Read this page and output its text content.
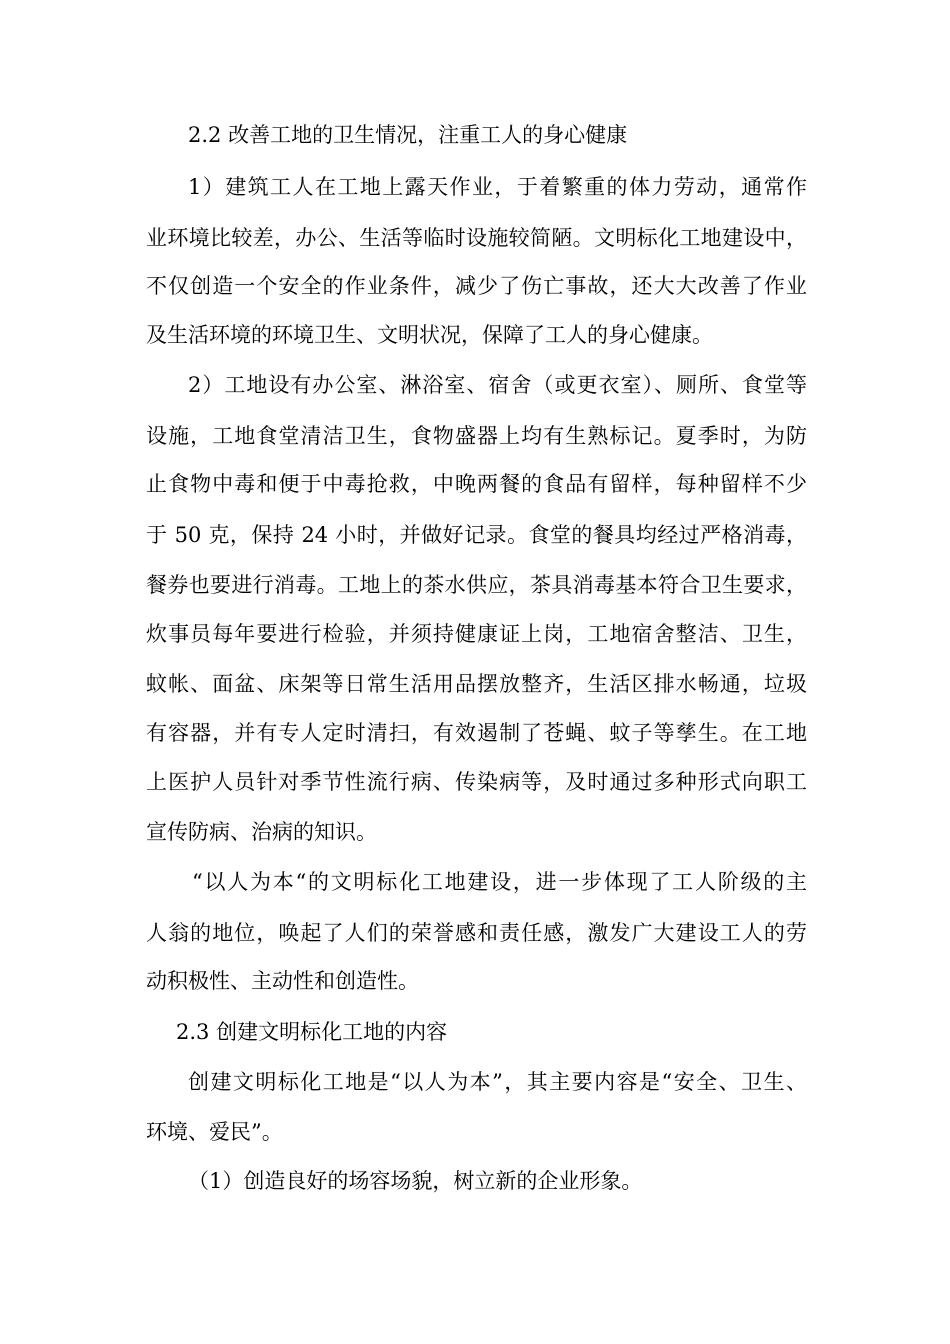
2.2 改善工地的卫生情况，注重工人的身心健康

1）建筑工人在工地上露天作业，于着繁重的体力劳动，通常作

业环境比较差，办公、生活等临时设施较简陋。文明标化工地建设中，

不仅创造一个安全的作业条件，减少了伤亡事故，还大大改善了作业

及生活环境的环境卫生、文明状况，保障了工人的身心健康。

2）工地设有办公室、淋浴室、宿舍（或更衣室）、厕所、食堂等

设施，工地食堂清洁卫生，食物盛器上均有生熟标记。夏季时，为防

止食物中毒和便于中毒抢救，中晚两餐的食品有留样，每种留样不少

于 50 克，保持 24 小时，并做好记录。食堂的餐具均经过严格消毒，

餐券也要进行消毒。工地上的茶水供应，茶具消毒基本符合卫生要求，

炊事员每年要进行检验，并须持健康证上岗，工地宿舍整洁、卫生，

蚊帐、面盆、床架等日常生活用品摆放整齐，生活区排水畅通，垃圾

有容器，并有专人定时清扫，有效遏制了苍蝇、蚊子等孳生。在工地

上医护人员针对季节性流行病、传染病等，及时通过多种形式向职工

宣传防病、治病的知识。

“以人为本“的文明标化工地建设，进一步体现了工人阶级的主

人翁的地位，唤起了人们的荣誉感和责任感，激发广大建设工人的劳

动积极性、主动性和创造性。

2.3 创建文明标化工地的内容

创建文明标化工地是“以人为本”，其主要内容是“安全、卫生、

环境、爱民”。

（1）创造良好的场容场貌，树立新的企业形象。
